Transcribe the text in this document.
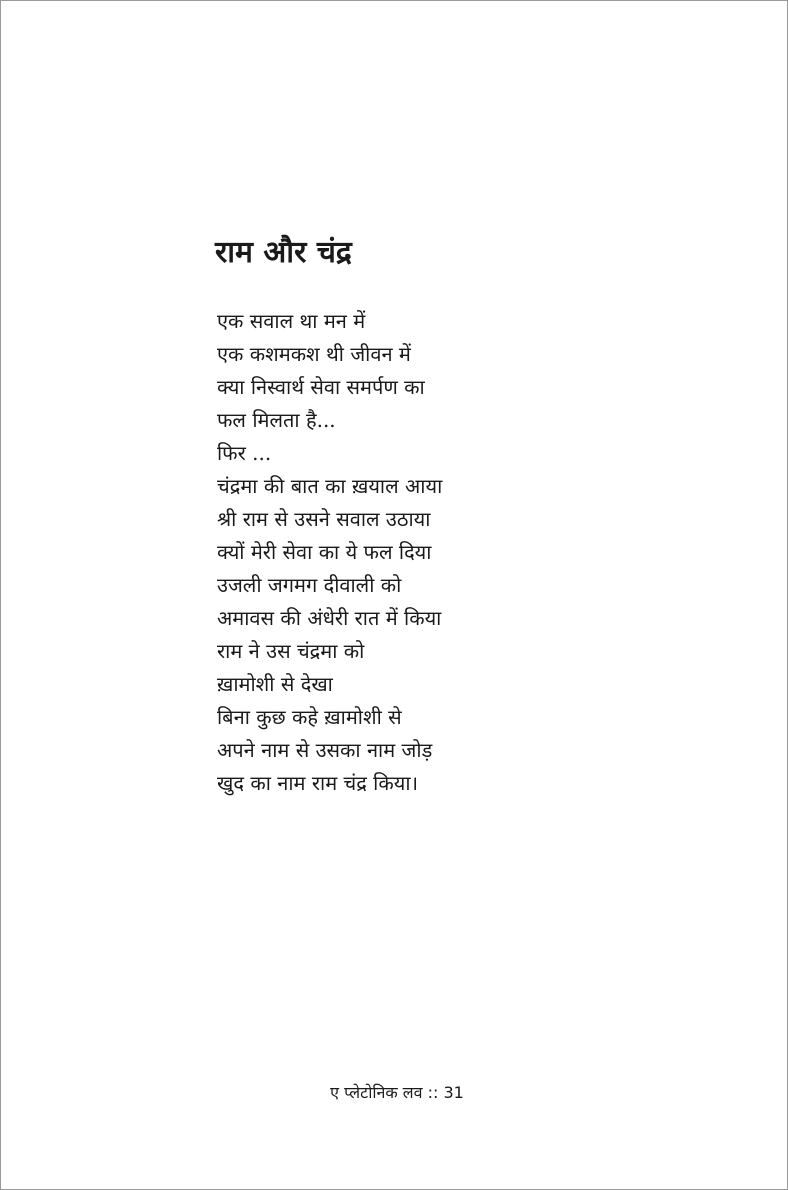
राम और चंद्र
एक सवाल था मन में
एक कशमकश थी जीवन में
क्या निस्वार्थ सेवा समर्पण का
फल मिलता है...
फिर ...
चंद्रमा की बात का ख़याल आया
श्री राम से उसने सवाल उठाया
क्यों मेरी सेवा का ये फल दिया
उजली जगमग दीवाली को
अमावस की अंधेरी रात में किया
राम ने उस चंद्रमा को
ख़ामोशी से देखा
बिना कुछ कहे ख़ामोशी से
अपने नाम से उसका नाम जोड़
खुद का नाम राम चंद्र किया।
ए प्लेटोनिक लव :: 31
